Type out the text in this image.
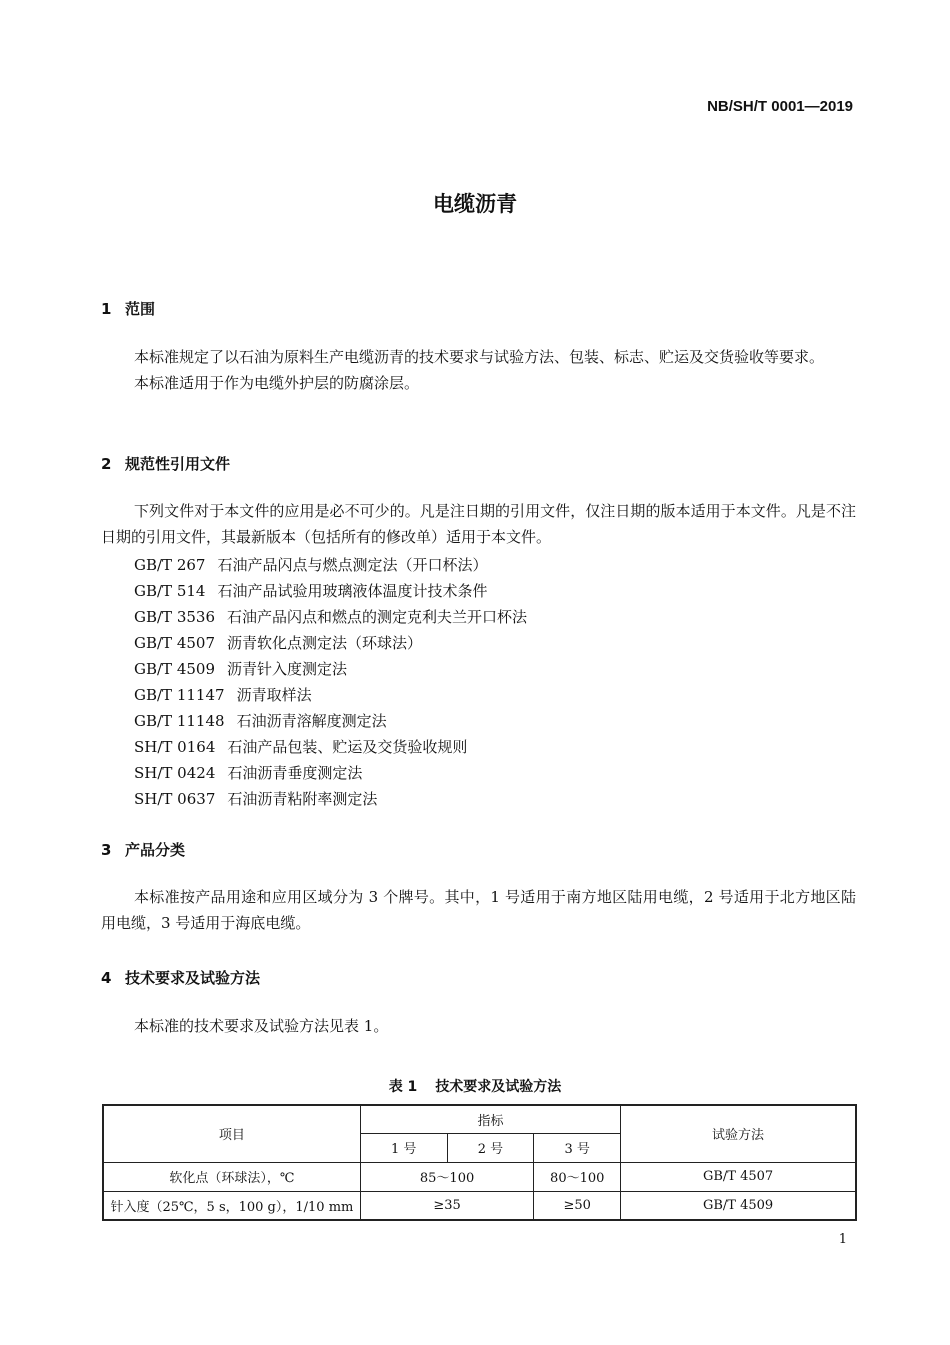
NB/SH/T 0001—2019
电缆沥青
1 范围

本标准规定了以石油为原料生产电缆沥青的技术要求与试验方法、包装、标志、贮运及交货验收等要求。

本标准适用于作为电缆外护层的防腐涂层。

2 规范性引用文件

下列文件对于本文件的应用是必不可少的。凡是注日期的引用文件，仅注日期的版本适用于本文件。凡是不注日期的引用文件，其最新版本（包括所有的修改单）适用于本文件。

GB/T 267 石油产品闪点与燃点测定法（开口杯法）
GB/T 514 石油产品试验用玻璃液体温度计技术条件
GB/T 3536 石油产品闪点和燃点的测定克利夫兰开口杯法
GB/T 4507 沥青软化点测定法（环球法）
GB/T 4509 沥青针入度测定法
GB/T 11147 沥青取样法
GB/T 11148 石油沥青溶解度测定法
SH/T 0164 石油产品包装、贮运及交货验收规则
SH/T 0424 石油沥青垂度测定法
SH/T 0637 石油沥青粘附率测定法
3 产品分类

本标准按产品用途和应用区域分为 3 个牌号。其中，1 号适用于南方地区陆用电缆，2 号适用于北方地区陆用电缆，3 号适用于海底电缆。

4 技术要求及试验方法

本标准的技术要求及试验方法见表 1。

表 1 技术要求及试验方法
项目	指标			试验方法
	1 号	2 号	3 号	
软化点（环球法），℃	85～100		80～100	GB/T 4507
针入度（25℃，5 s，100 g），1/10 mm	≥35		≥50	GB/T 4509
1
